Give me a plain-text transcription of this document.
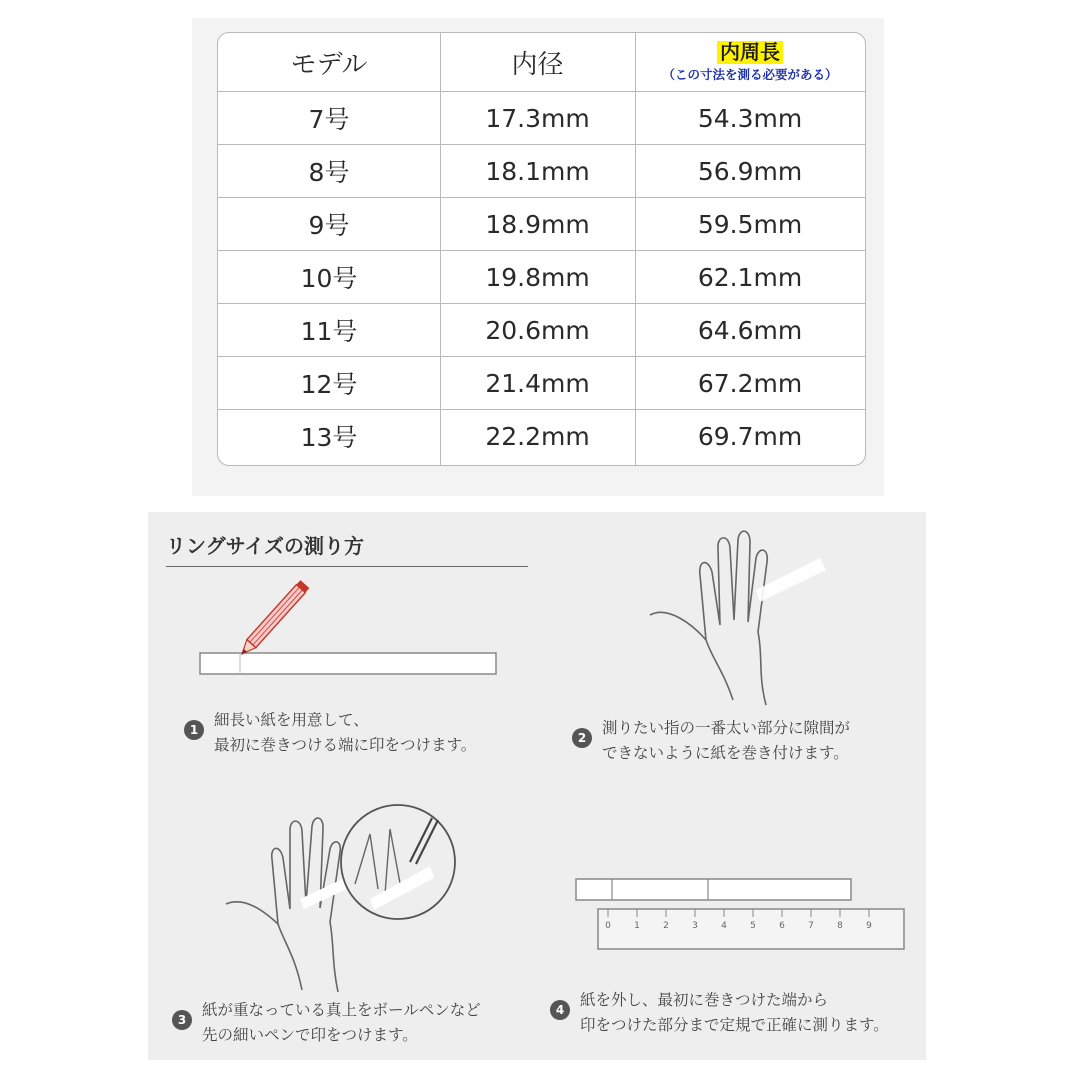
モデル	内径	内周長
（この寸法を測る必要がある）
7号	17.3mm	54.3mm
8号	18.1mm	56.9mm
9号	18.9mm	59.5mm
10号	19.8mm	62.1mm
11号	20.6mm	64.6mm
12号	21.4mm	67.2mm
13号	22.2mm	69.7mm
リングサイズの測り方
1
細長い紙を用意して、
最初に巻きつける端に印をつけます。	2
測りたい指の一番太い部分に隙間が
できないように紙を巻き付けます。
0	1	2	3	4	5	6	7	8	9
3
紙が重なっている真上をボールペンなど
先の細いペンで印をつけます。
4
紙を外し、最初に巻きつけた端から
印をつけた部分まで定規で正確に測ります。
